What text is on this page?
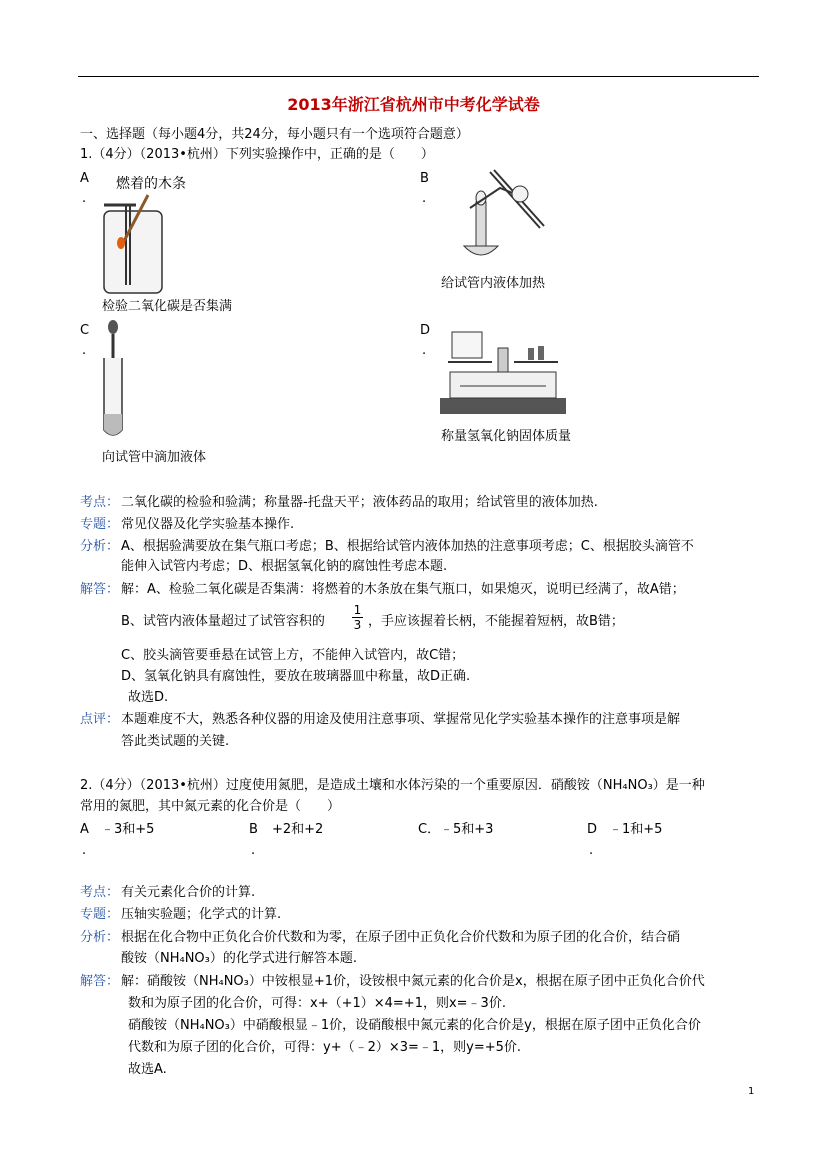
2013年浙江省杭州市中考化学试卷
一、选择题（每小题4分，共24分，每小题只有一个选项符合题意）
1.（4分）（2013•杭州）下列实验操作中，正确的是（　　）
A
.
燃着的木条
检验二氧化碳是否集满
B
.
给试管内液体加热
C
.
向试管中滴加液体
D
.
称量氢氧化钠固体质量
考点： 二氧化碳的检验和验满；称量器-托盘天平；液体药品的取用；给试管里的液体加热.
专题： 常见仪器及化学实验基本操作.
分析： A、根据验满要放在集气瓶口考虑；B、根据给试管内液体加热的注意事项考虑；C、根据胶头滴管不
能伸入试管内考虑；D、根据氢氧化钠的腐蚀性考虑本题.
解答： 解：A、检验二氧化碳是否集满：将燃着的木条放在集气瓶口，如果熄灭，说明已经满了，故A错；
B、试管内液体量超过了试管容积的
1
3 ，手应该握着长柄，不能握着短柄，故B错；
C、胶头滴管要垂悬在试管上方，不能伸入试管内，故C错；
D、氢氧化钠具有腐蚀性，要放在玻璃器皿中称量，故D正确.
故选D.
点评： 本题难度不大，熟悉各种仪器的用途及使用注意事项、掌握常见化学实验基本操作的注意事项是解
答此类试题的关键.
2.（4分）（2013•杭州）过度使用氮肥，是造成土壤和水体污染的一个重要原因．硝酸铵（NH₄NO₃）是一种
常用的氮肥，其中氮元素的化合价是（　　）
A ﹣3和+5
.
B +2和+2
.
C． ﹣5和+3	D ﹣1和+5
.
考点： 有关元素化合价的计算.
专题： 压轴实验题；化学式的计算.
分析： 根据在化合物中正负化合价代数和为零，在原子团中正负化合价代数和为原子团的化合价，结合硝
酸铵（NH₄NO₃）的化学式进行解答本题.
解答： 解：硝酸铵（NH₄NO₃）中铵根显+1价，设铵根中氮元素的化合价是x，根据在原子团中正负化合价代
数和为原子团的化合价，可得：x+（+1）×4=+1，则x=﹣3价.
硝酸铵（NH₄NO₃）中硝酸根显﹣1价，设硝酸根中氮元素的化合价是y，根据在原子团中正负化合价
代数和为原子团的化合价，可得：y+（﹣2）×3=﹣1，则y=+5价.
故选A.
1
